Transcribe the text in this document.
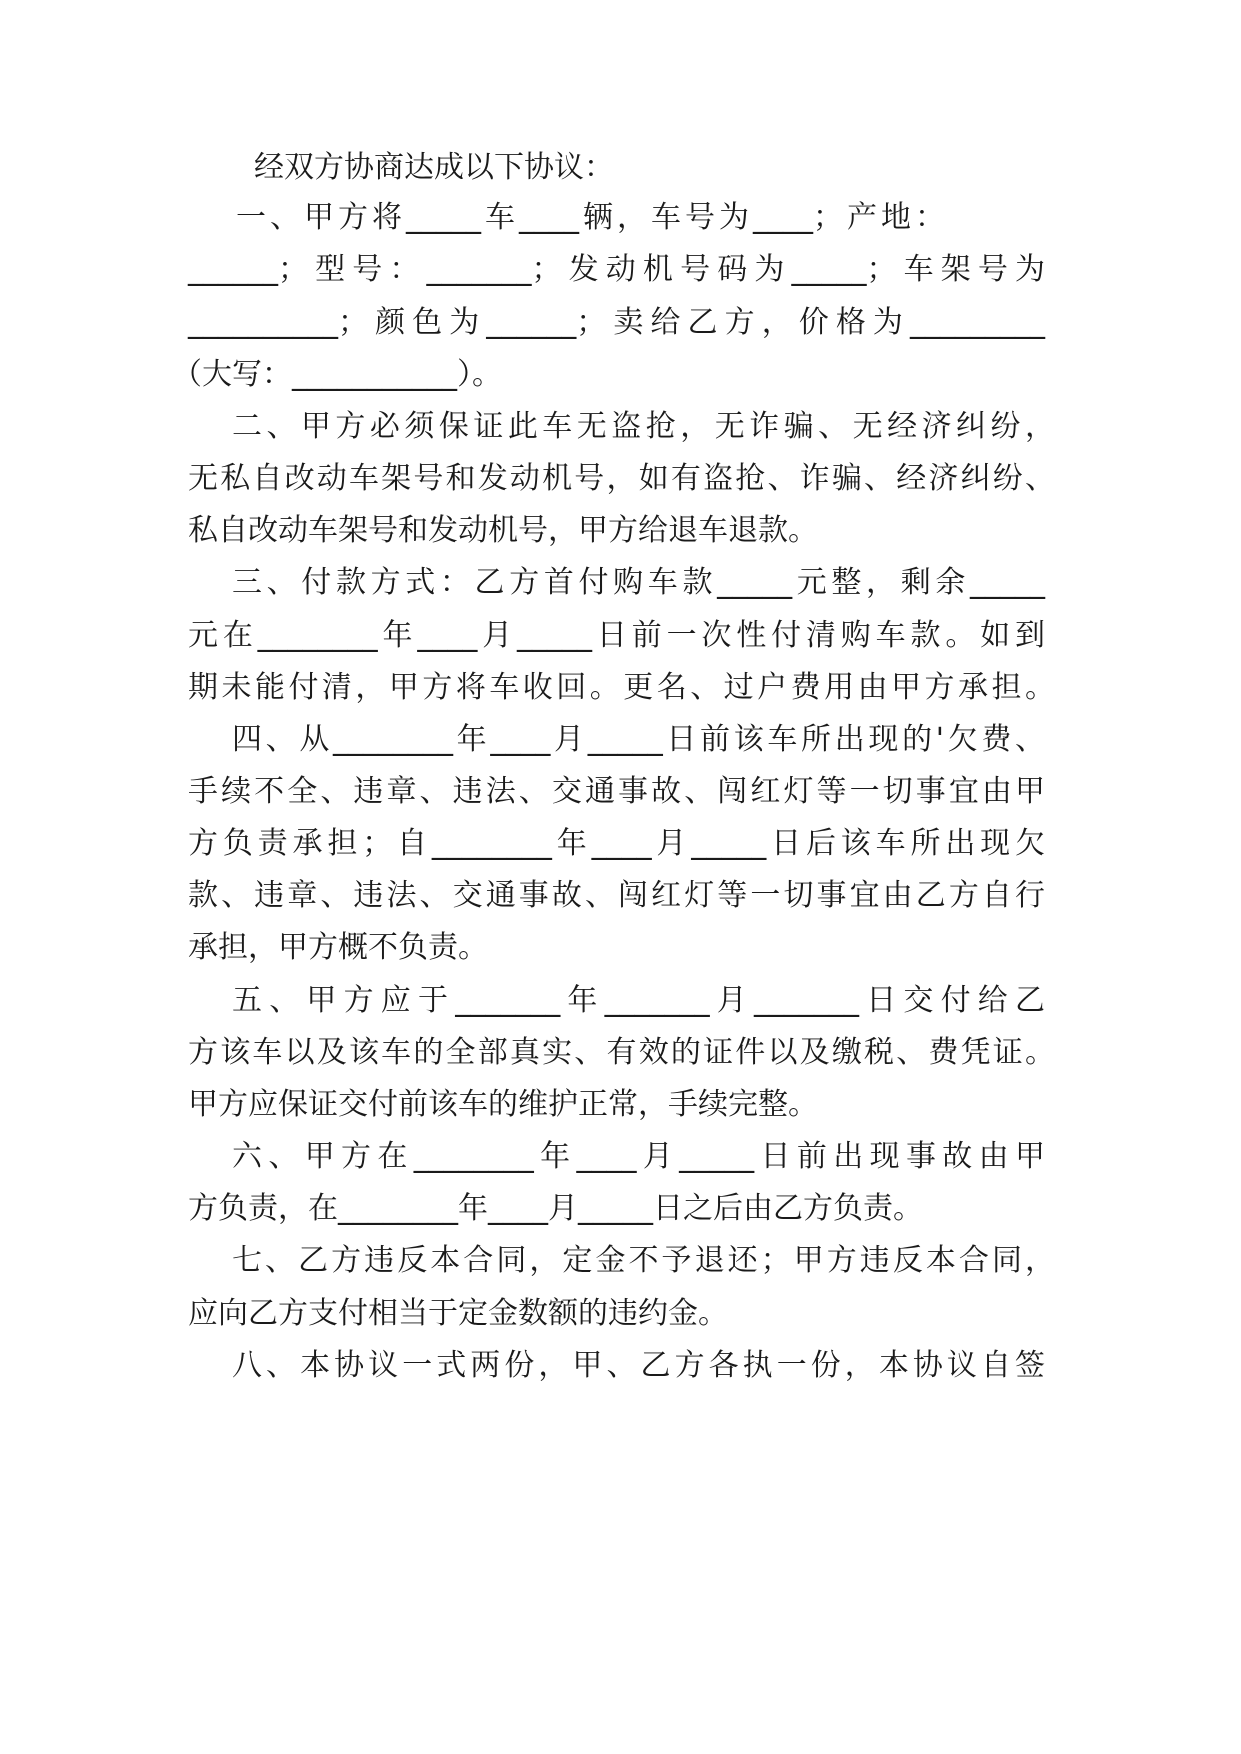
经双方协商达成以下协议：

一、甲方将_____车____辆，车号为____；产地：

______；型号：_______；发动机号码为_____；车架号为

__________；颜色为______；卖给乙方，价格为_________

（大写：___________）。

二、甲方必须保证此车无盗抢，无诈骗、无经济纠纷，

无私自改动车架号和发动机号，如有盗抢、诈骗、经济纠纷、

私自改动车架号和发动机号，甲方给退车退款。

三、付款方式：乙方首付购车款_____元整，剩余_____

元在________年____月_____日前一次性付清购车款。如到

期未能付清，甲方将车收回。更名、过户费用由甲方承担。

四、从________年____月_____日前该车所出现的'欠费、

手续不全、违章、违法、交通事故、闯红灯等一切事宜由甲

方负责承担；自________年____月_____日后该车所出现欠

款、违章、违法、交通事故、闯红灯等一切事宜由乙方自行

承担，甲方概不负责。

五、甲方应于_______年_______月_______日交付给乙

方该车以及该车的全部真实、有效的证件以及缴税、费凭证。

甲方应保证交付前该车的维护正常，手续完整。

六、甲方在________年____月_____日前出现事故由甲

方负责，在________年____月_____日之后由乙方负责。

七、乙方违反本合同，定金不予退还；甲方违反本合同，

应向乙方支付相当于定金数额的违约金。

八、本协议一式两份，甲、乙方各执一份，本协议自签
